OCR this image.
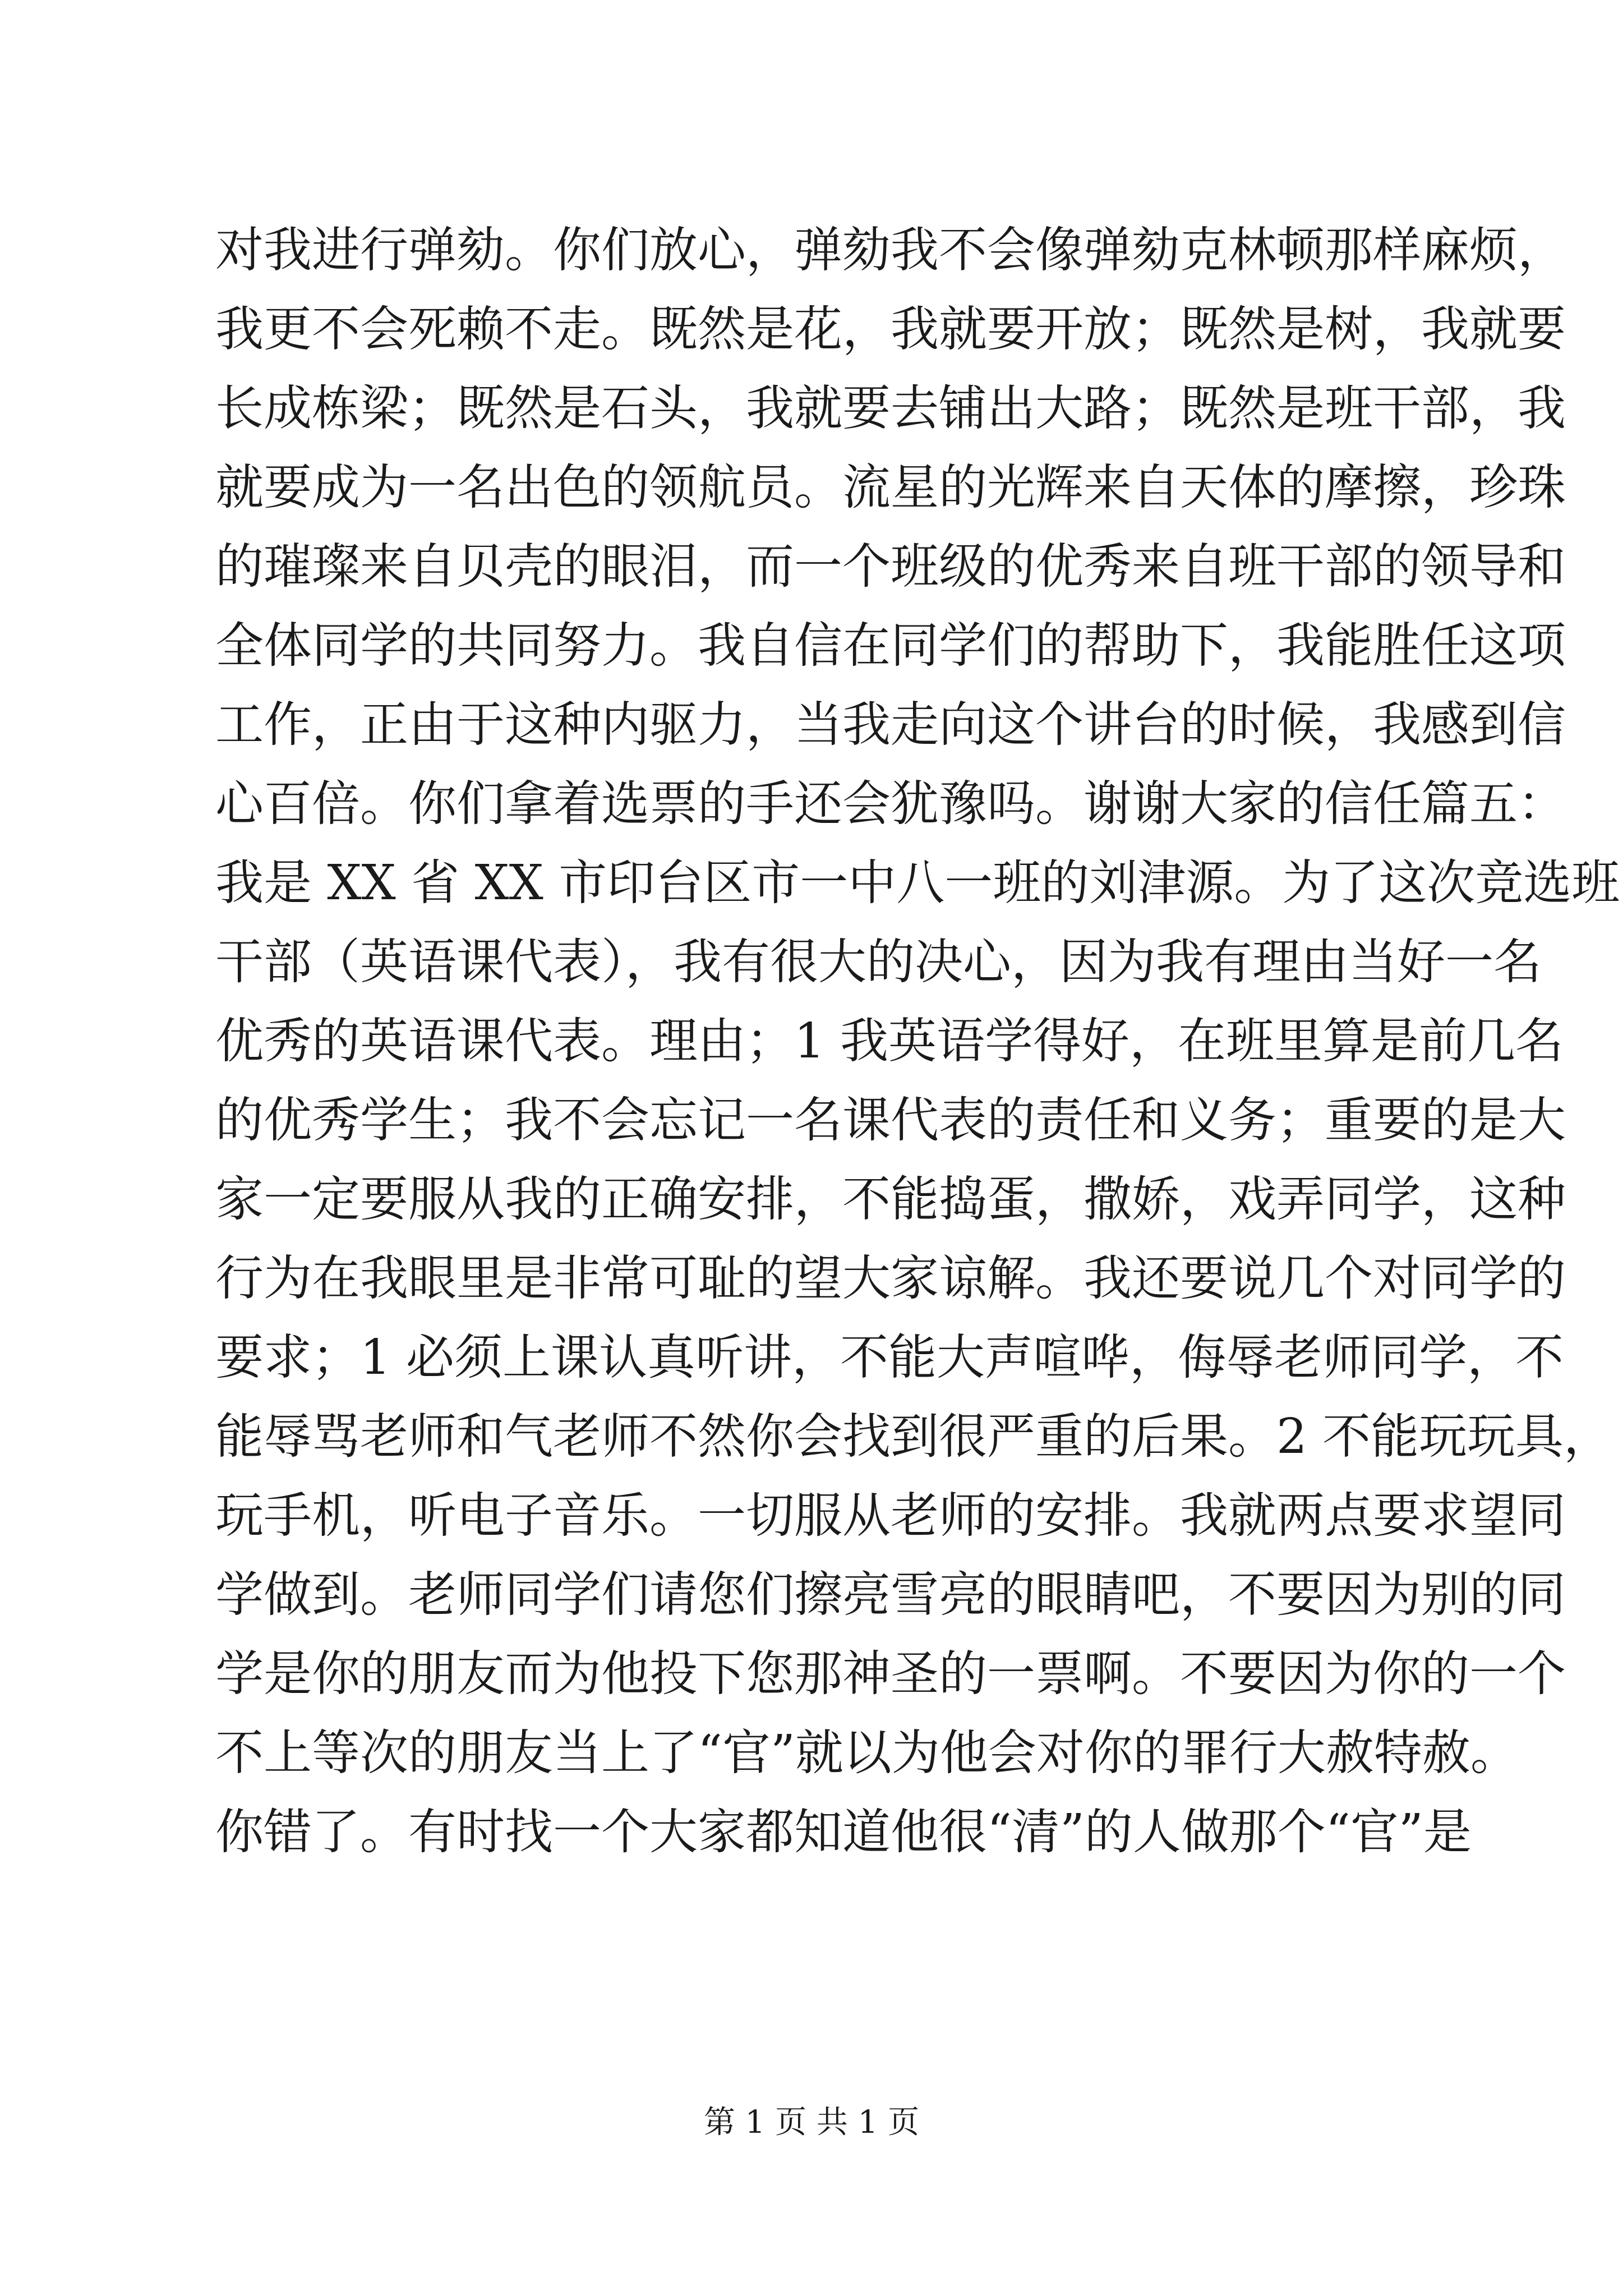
对我进行弹劾。你们放心，弹劾我不会像弹劾克林顿那样麻烦，
我更不会死赖不走。既然是花，我就要开放；既然是树，我就要
长成栋梁；既然是石头，我就要去铺出大路；既然是班干部，我
就要成为一名出色的领航员。流星的光辉来自天体的摩擦，珍珠
的璀璨来自贝壳的眼泪，而一个班级的优秀来自班干部的领导和
全体同学的共同努力。我自信在同学们的帮助下，我能胜任这项
工作，正由于这种内驱力，当我走向这个讲台的时候，我感到信
心百倍。你们拿着选票的手还会犹豫吗。谢谢大家的信任篇五：
我是 XX 省 XX 市印台区市一中八一班的刘津源。为了这次竞选班
干部（英语课代表），我有很大的决心，因为我有理由当好一名
优秀的英语课代表。理由；1 我英语学得好，在班里算是前几名
的优秀学生；我不会忘记一名课代表的责任和义务；重要的是大
家一定要服从我的正确安排，不能捣蛋，撒娇，戏弄同学，这种
行为在我眼里是非常可耻的望大家谅解。我还要说几个对同学的
要求；1 必须上课认真听讲，不能大声喧哗，侮辱老师同学，不
能辱骂老师和气老师不然你会找到很严重的后果。2 不能玩玩具，
玩手机，听电子音乐。一切服从老师的安排。我就两点要求望同
学做到。老师同学们请您们擦亮雪亮的眼睛吧，不要因为别的同
学是你的朋友而为他投下您那神圣的一票啊。不要因为你的一个
不上等次的朋友当上了“官”就以为他会对你的罪行大赦特赦。
你错了。有时找一个大家都知道他很“清”的人做那个“官”是
第 1 页 共 1 页
